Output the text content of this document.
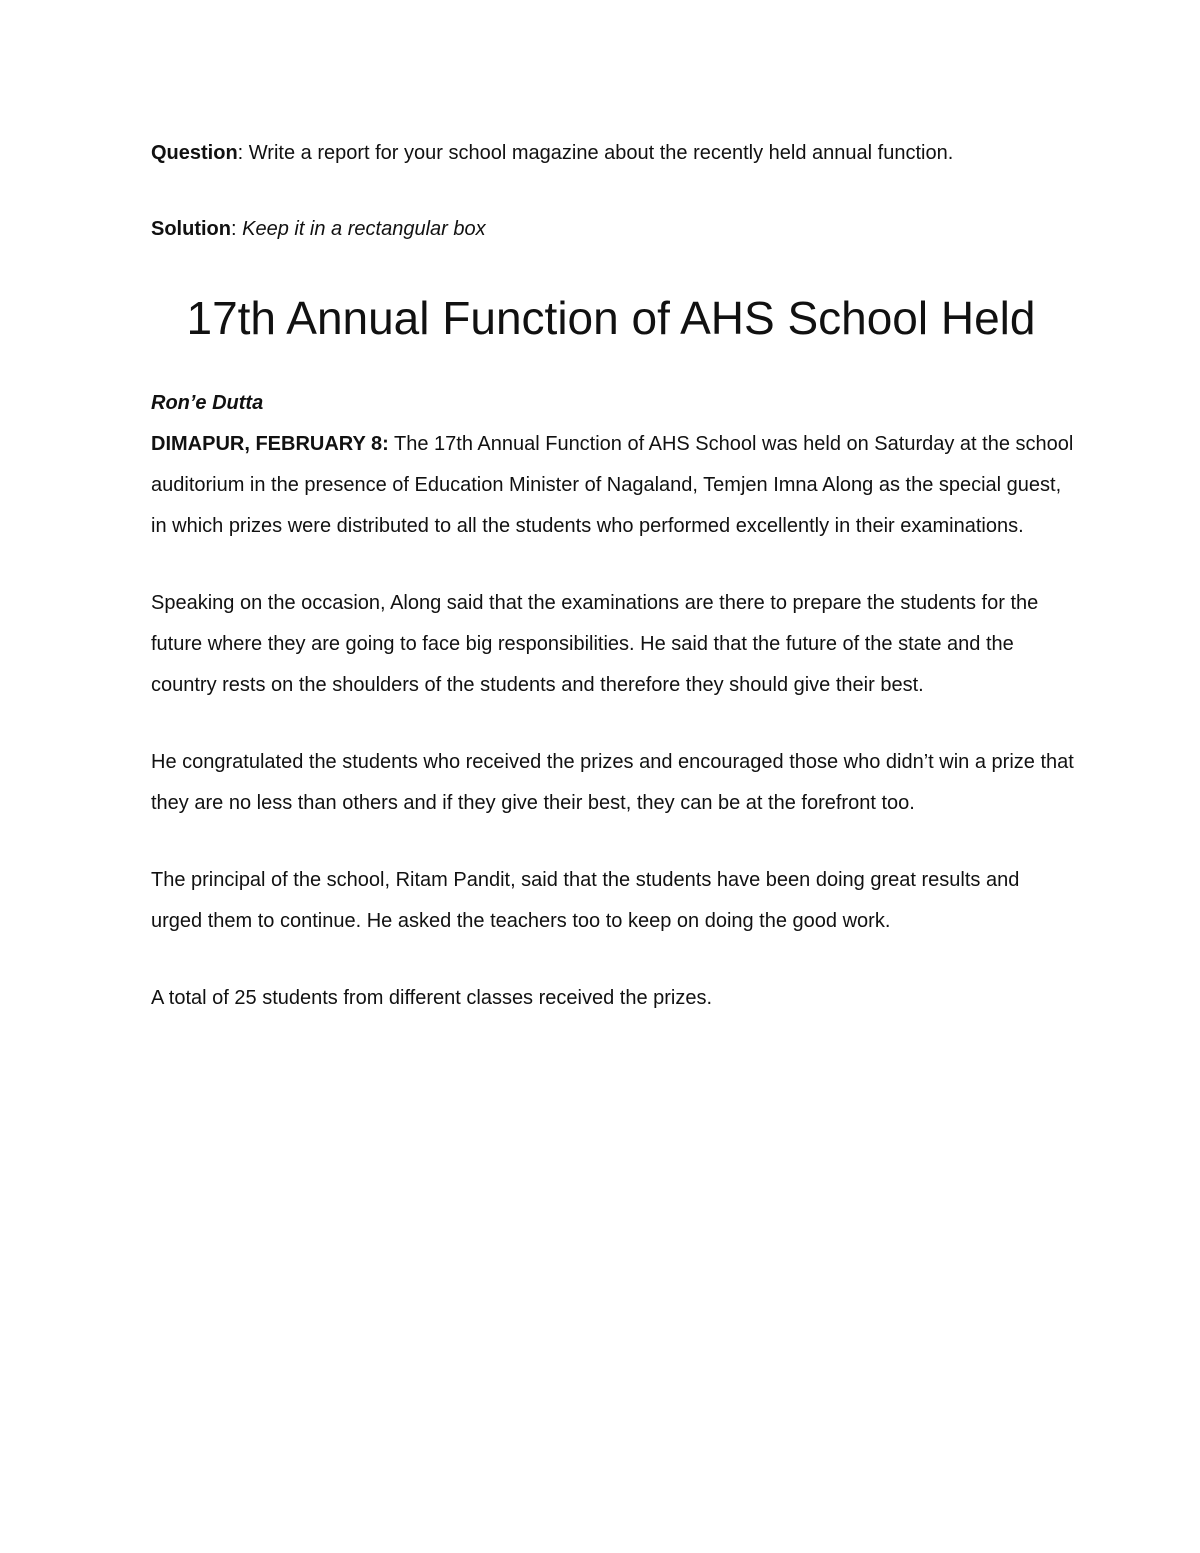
Question: Write a report for your school magazine about the recently held annual function.
Solution: Keep it in a rectangular box
17th Annual Function of AHS School Held
Ron’e Dutta

DIMAPUR, FEBRUARY 8: The 17th Annual Function of AHS School was held on Saturday at the school auditorium in the presence of Education Minister of Nagaland, Temjen Imna Along as the special guest, in which prizes were distributed to all the students who performed excellently in their examinations.

Speaking on the occasion, Along said that the examinations are there to prepare the students for the future where they are going to face big responsibilities. He said that the future of the state and the country rests on the shoulders of the students and therefore they should give their best.

He congratulated the students who received the prizes and encouraged those who didn’t win a prize that they are no less than others and if they give their best, they can be at the forefront too.

The principal of the school, Ritam Pandit, said that the students have been doing great results and urged them to continue. He asked the teachers too to keep on doing the good work.

A total of 25 students from different classes received the prizes.
